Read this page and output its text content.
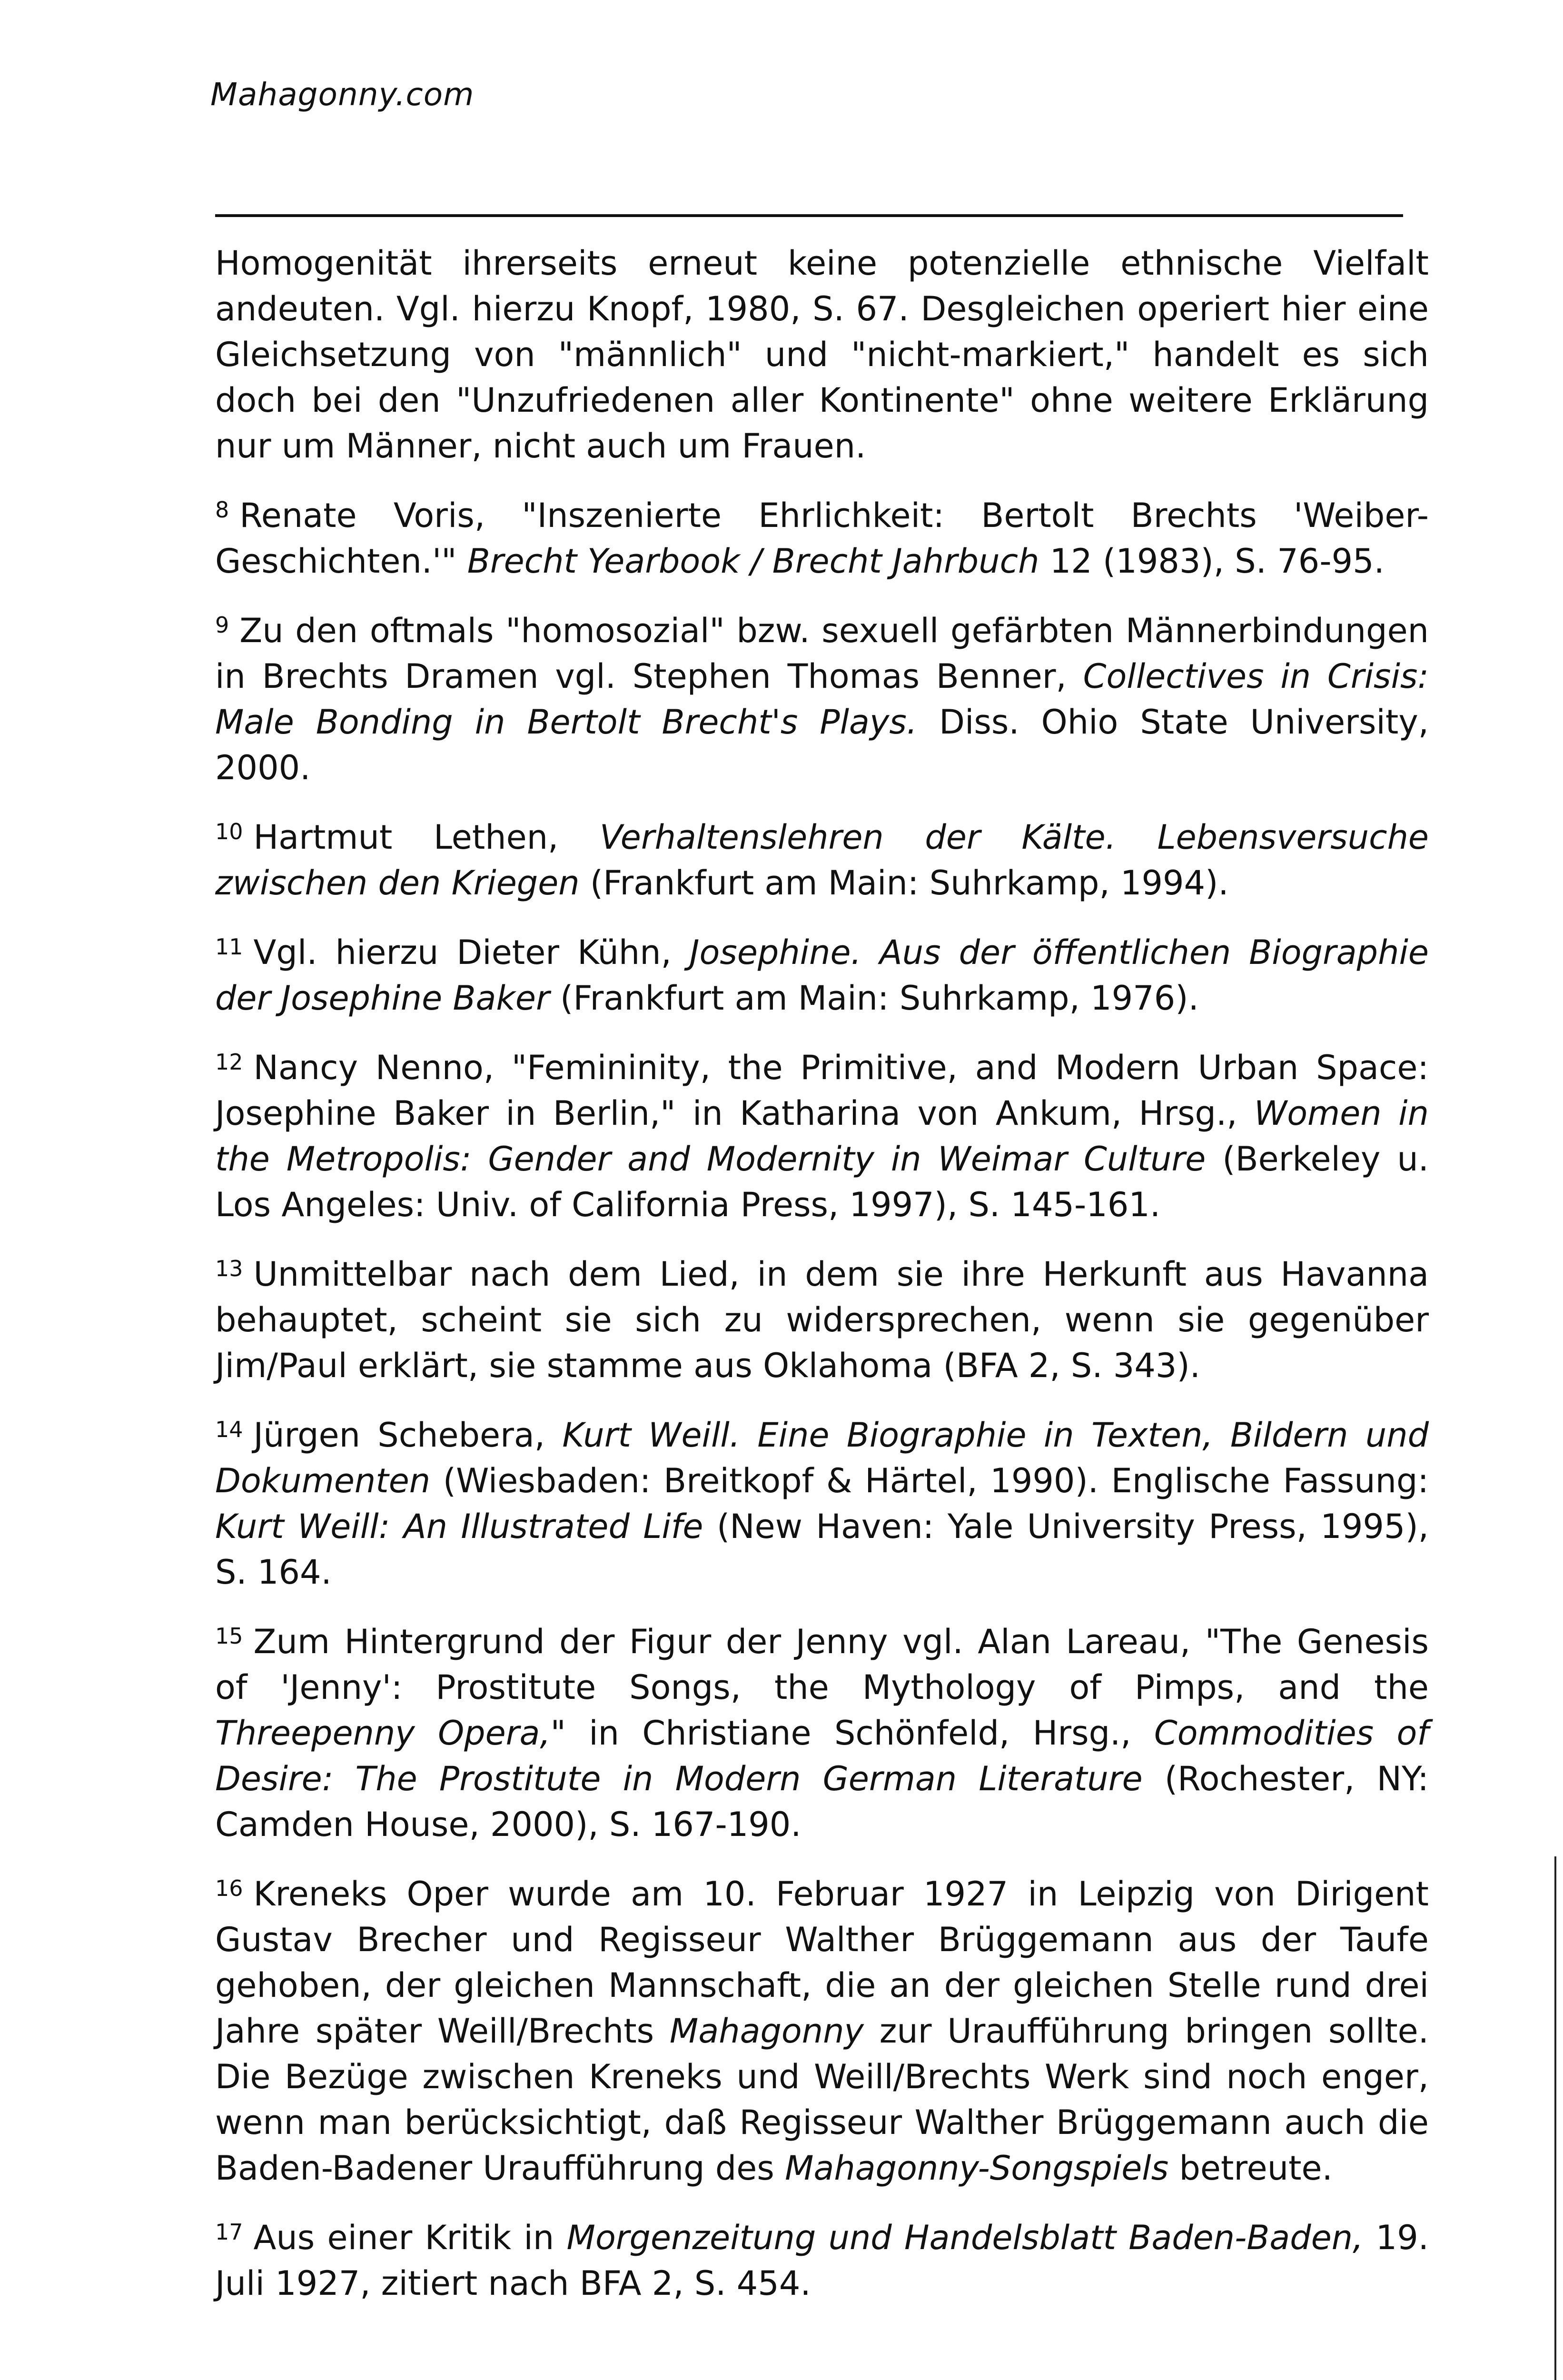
Mahagonny.com

Homogenität ihrerseits erneut keine potenzielle ethnische Vielfalt andeuten. Vgl. hierzu Knopf, 1980, S. 67. Desgleichen operiert hier eine Gleichsetzung von "männlich" und "nicht-markiert," handelt es sich doch bei den "Unzufriedenen aller Kontinente" ohne weitere Erklärung nur um Männer, nicht auch um Frauen.

$^8$ Renate Voris, "Inszenierte Ehrlichkeit: Bertolt Brechts 'Weiber-Geschichten.'" Brecht Yearbook / Brecht Jahrbuch 12 (1983), S. 76-95.

$^9$ Zu den oftmals "homosozial" bzw. sexuell gefärbten Männerbindungen in Brechts Dramen vgl. Stephen Thomas Benner, Collectives in Crisis: Male Bonding in Bertolt Brecht's Plays. Diss. Ohio State University, 2000.

$^{10}$ Hartmut Lethen, Verhaltenslehren der Kälte. Lebensversuche zwischen den Kriegen (Frankfurt am Main: Suhrkamp, 1994).

$^{11}$ Vgl. hierzu Dieter Kühn, Josephine. Aus der öffentlichen Biographie der Josephine Baker (Frankfurt am Main: Suhrkamp, 1976).

$^{12}$ Nancy Nenno, "Femininity, the Primitive, and Modern Urban Space: Josephine Baker in Berlin," in Katharina von Ankum, Hrsg., Women in the Metropolis: Gender and Modernity in Weimar Culture (Berkeley u. Los Angeles: Univ. of California Press, 1997), S. 145-161.

$^{13}$ Unmittelbar nach dem Lied, in dem sie ihre Herkunft aus Havanna behauptet, scheint sie sich zu widersprechen, wenn sie gegenüber Jim/Paul erklärt, sie stamme aus Oklahoma (BFA 2, S. 343).

$^{14}$ Jürgen Schebera, Kurt Weill. Eine Biographie in Texten, Bildern und Dokumenten (Wiesbaden: Breitkopf & Härtel, 1990). Englische Fassung: Kurt Weill: An Illustrated Life (New Haven: Yale University Press, 1995), S. 164.

$^{15}$ Zum Hintergrund der Figur der Jenny vgl. Alan Lareau, "The Genesis of 'Jenny': Prostitute Songs, the Mythology of Pimps, and the Threepenny Opera," in Christiane Schönfeld, Hrsg., Commodities of Desire: The Prostitute in Modern German Literature (Rochester, NY: Camden House, 2000), S. 167-190.

$^{16}$ Kreneks Oper wurde am 10. Februar 1927 in Leipzig von Dirigent Gustav Brecher und Regisseur Walther Brüggemann aus der Taufe gehoben, der gleichen Mannschaft, die an der gleichen Stelle rund drei Jahre später Weill/Brechts Mahagonny zur Uraufführung bringen sollte. Die Bezüge zwischen Kreneks und Weill/Brechts Werk sind noch enger, wenn man berücksichtigt, daß Regisseur Walther Brüggemann auch die Baden-Badener Uraufführung des Mahagonny-Songspiels betreute.

$^{17}$ Aus einer Kritik in Morgenzeitung und Handelsblatt Baden-Baden, 19. Juli 1927, zitiert nach BFA 2, S. 454.
